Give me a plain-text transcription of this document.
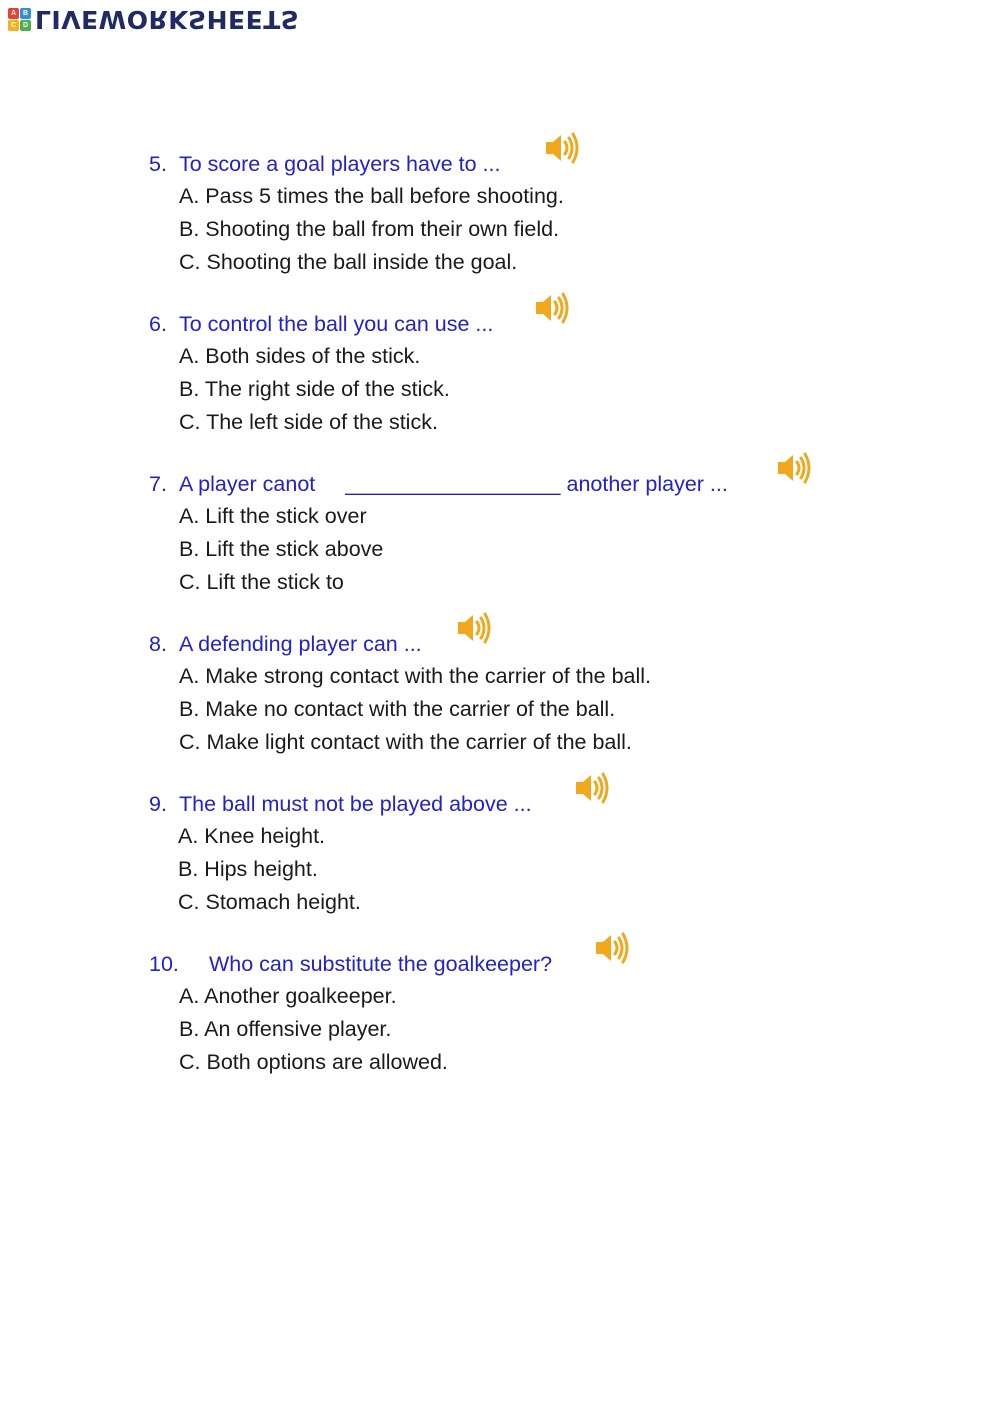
A B
C D LIVEWORKSHEETS
5. To score a goal players have to ...
A. Pass 5 times the ball before shooting.
B. Shooting the ball from their own field.
C. Shooting the ball inside the goal.
6. To control the ball you can use ...
A. Both sides of the stick.
B. The right side of the stick.
C. The left side of the stick.
7. A player canot __________________ another player ...
A. Lift the stick over
B. Lift the stick above
C. Lift the stick to
8. A defending player can ...
A. Make strong contact with the carrier of the ball.
B. Make no contact with the carrier of the ball.
C. Make light contact with the carrier of the ball.
9. The ball must not be played above ...
A. Knee height.
B. Hips height.
C. Stomach height.
10. Who can substitute the goalkeeper?
A. Another goalkeeper.
B. An offensive player.
C. Both options are allowed.
